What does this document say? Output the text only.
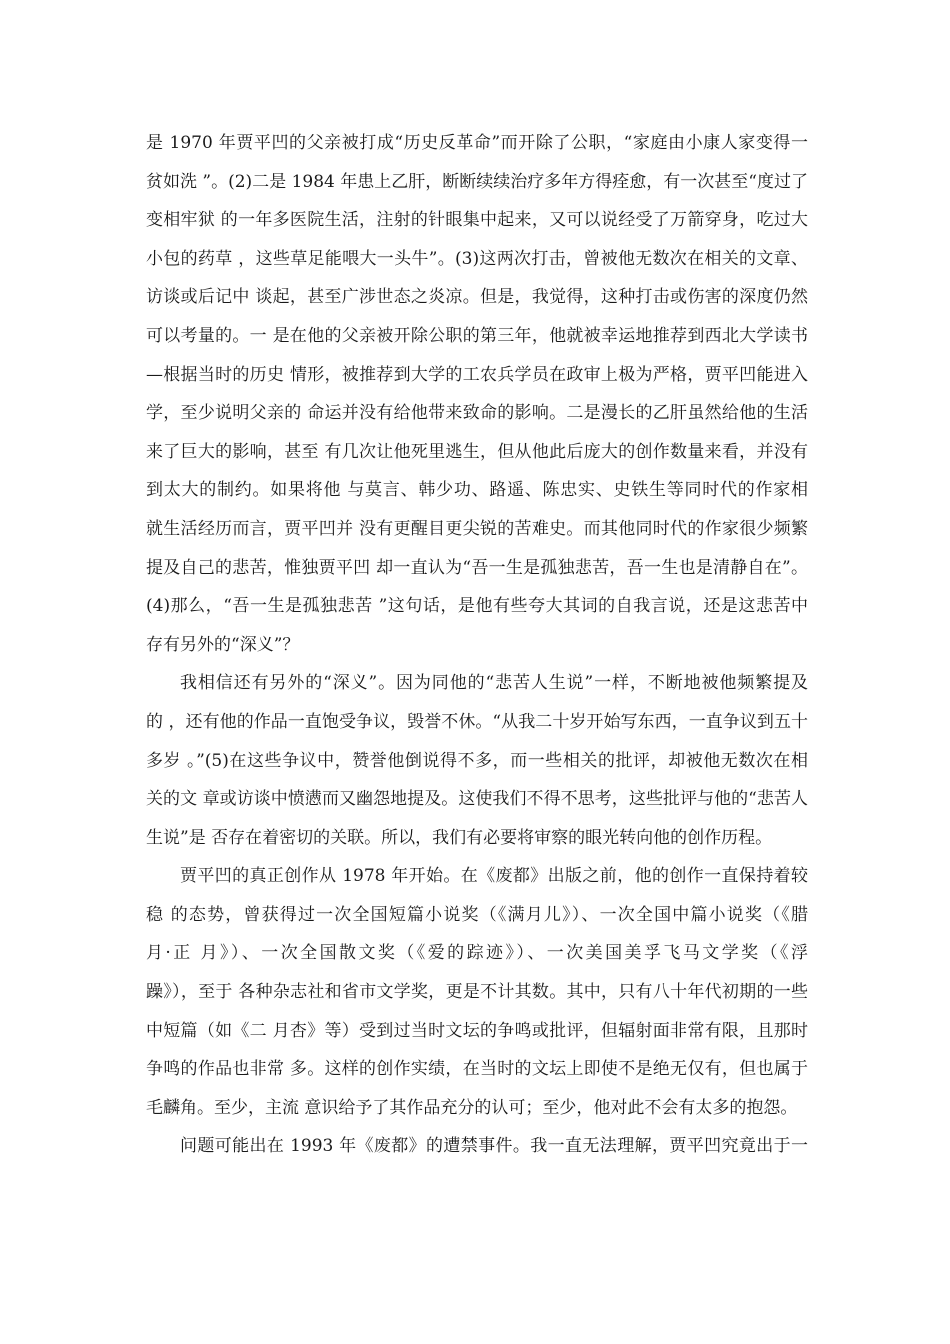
是 1970 年贾平凹的父亲被打成“历史反革命”而开除了公职，“家庭由小康人家变得一
贫如洗 ”。(2)二是 1984 年患上乙肝，断断续续治疗多年方得痊愈，有一次甚至“度过了
变相牢狱 的一年多医院生活，注射的针眼集中起来，又可以说经受了万箭穿身，吃过大
小包的药草 ，这些草足能喂大一头牛”。(3)这两次打击，曾被他无数次在相关的文章、
访谈或后记中 谈起，甚至广涉世态之炎凉。但是，我觉得，这种打击或伤害的深度仍然
可以考量的。一 是在他的父亲被开除公职的第三年，他就被幸运地推荐到西北大学读书
—根据当时的历史 情形，被推荐到大学的工农兵学员在政审上极为严格，贾平凹能进入
学，至少说明父亲的 命运并没有给他带来致命的影响。二是漫长的乙肝虽然给他的生活
来了巨大的影响，甚至 有几次让他死里逃生，但从他此后庞大的创作数量来看，并没有
到太大的制约。如果将他 与莫言、韩少功、路遥、陈忠实、史铁生等同时代的作家相
就生活经历而言，贾平凹并 没有更醒目更尖锐的苦难史。而其他同时代的作家很少频繁
提及自己的悲苦，惟独贾平凹 却一直认为“吾一生是孤独悲苦，吾一生也是清静自在”。
(4)那么，“吾一生是孤独悲苦 ”这句话，是他有些夸大其词的自我言说，还是这悲苦中
存有另外的“深义”？
我相信还有另外的“深义”。因为同他的“悲苦人生说”一样，不断地被他频繁提及
的 ，还有他的作品一直饱受争议，毁誉不休。“从我二十岁开始写东西，一直争议到五十
多岁 。”(5)在这些争议中，赞誉他倒说得不多，而一些相关的批评，却被他无数次在相
关的文 章或访谈中愤懑而又幽怨地提及。这使我们不得不思考，这些批评与他的“悲苦人
生说”是 否存在着密切的关联。所以，我们有必要将审察的眼光转向他的创作历程。
贾平凹的真正创作从 1978 年开始。在《废都》出版之前，他的创作一直保持着较
稳 的态势，曾获得过一次全国短篇小说奖（《满月儿》）、一次全国中篇小说奖（《腊
月·正 月》）、一次全国散文奖（《爱的踪迹》）、一次美国美孚飞马文学奖（《浮
躁》），至于 各种杂志社和省市文学奖，更是不计其数。其中，只有八十年代初期的一些
中短篇（如《二 月杏》等）受到过当时文坛的争鸣或批评，但辐射面非常有限，且那时
争鸣的作品也非常 多。这样的创作实绩，在当时的文坛上即使不是绝无仅有，但也属于
毛麟角。至少，主流 意识给予了其作品充分的认可；至少，他对此不会有太多的抱怨。
问题可能出在 1993 年《废都》的遭禁事件。我一直无法理解，贾平凹究竟出于一
